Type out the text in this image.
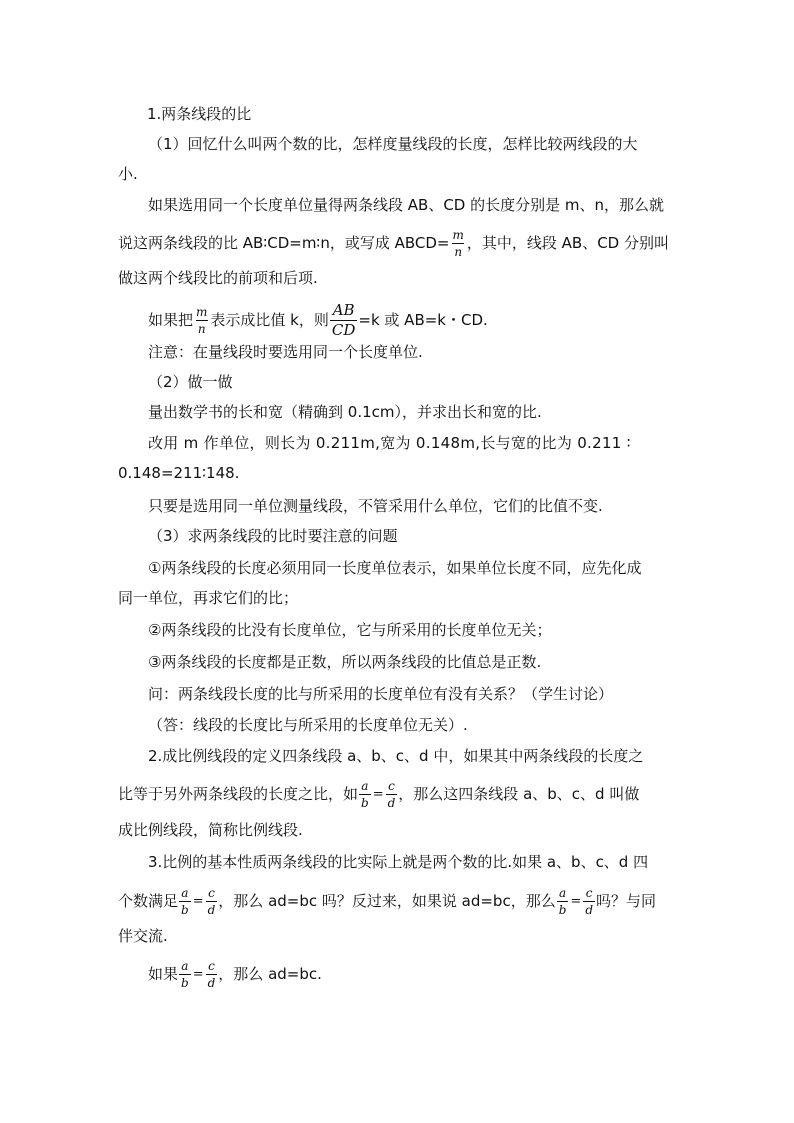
1.两条线段的比
（1）回忆什么叫两个数的比，怎样度量线段的长度，怎样比较两线段的大
小.
如果选用同一个长度单位量得两条线段 AB、CD 的长度分别是 m、n，那么就
说这两条线段的比 AB∶CD=m∶n，或写成 ABCD= $\frac{m}{n}$ ，其中，线段 AB、CD 分别叫
做这两个线段比的前项和后项.
如果把 $\frac{m}{n}$ 表示成比值 k，则 $\frac{AB}{CD} =k$ 或 AB=k・CD.
注意：在量线段时要选用同一个长度单位.
（2）做一做
量出数学书的长和宽（精确到 0.1cm），并求出长和宽的比.
改用 m 作单位，则长为 0.211m,宽为 0.148m,长与宽的比为 0.211 ∶
0.148=211∶148.
只要是选用同一单位测量线段，不管采用什么单位，它们的比值不变.
（3）求两条线段的比时要注意的问题
①两条线段的长度必须用同一长度单位表示，如果单位长度不同，应先化成
同一单位，再求它们的比；
②两条线段的比没有长度单位，它与所采用的长度单位无关；
③两条线段的长度都是正数，所以两条线段的比值总是正数.
问：两条线段长度的比与所采用的长度单位有没有关系？（学生讨论）
（答：线段的长度比与所采用的长度单位无关）.
2.成比例线段的定义四条线段 a、b、c、d 中，如果其中两条线段的长度之
比等于另外两条线段的长度之比，如 $\frac{a}{b} = \frac{c}{d}$ ，那么这四条线段 a、b、c、d 叫做
成比例线段，简称比例线段.
3.比例的基本性质两条线段的比实际上就是两个数的比.如果 a、b、c、d 四
个数满足 $\frac{a}{b} = \frac{c}{d}$ ，那么 ad=bc 吗？反过来，如果说 ad=bc，那么 $\frac{a}{b} = \frac{c}{d}$ 吗？与同
伴交流.
如果 $\frac{a}{b} = \frac{c}{d}$ ，那么 ad=bc.
